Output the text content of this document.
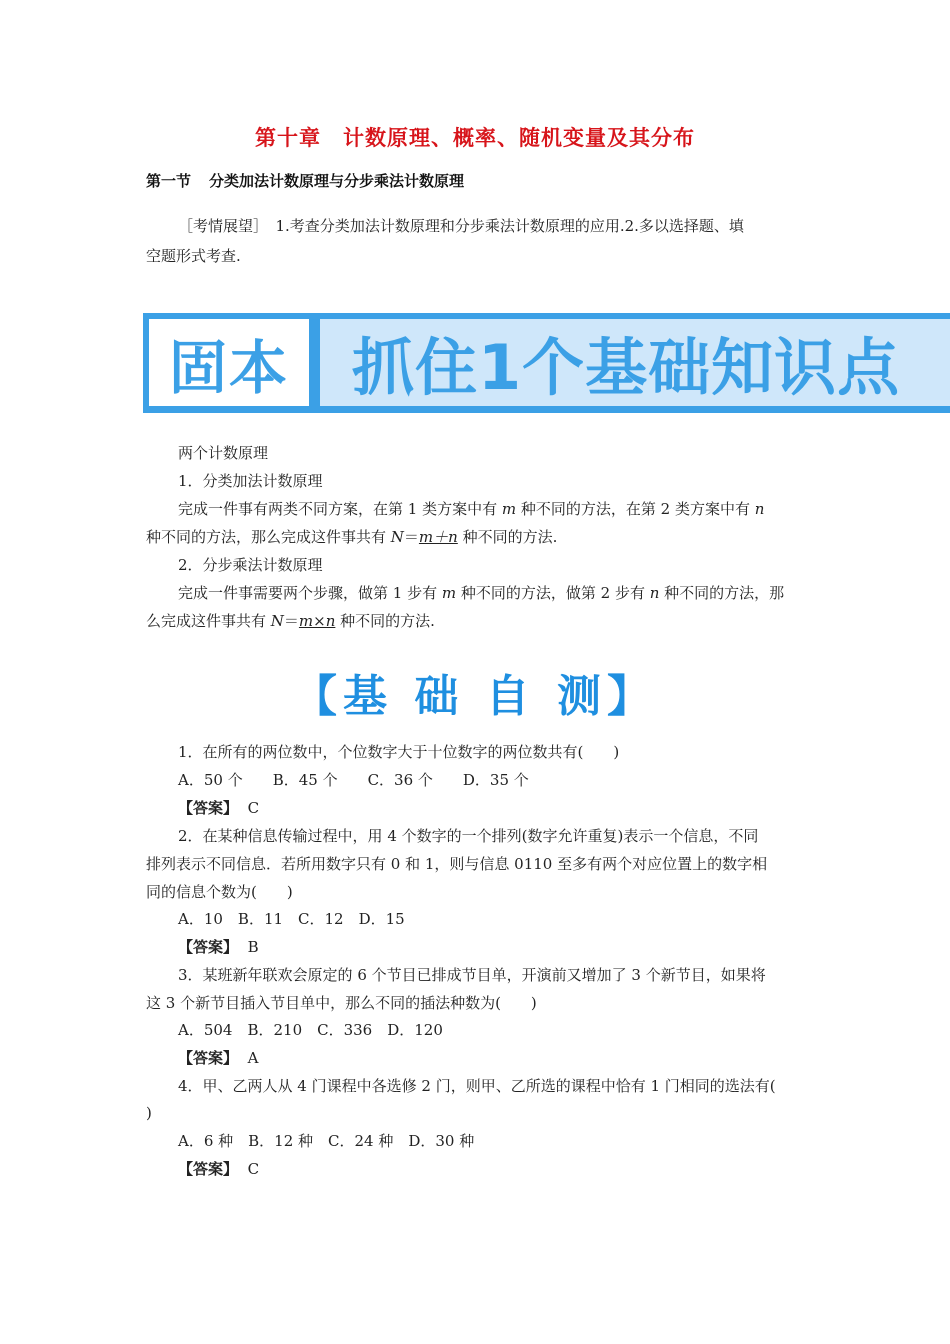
第十章　计数原理、概率、随机变量及其分布
第一节 分类加法计数原理与分步乘法计数原理
［考情展望］　1.考查分类加法计数原理和分步乘法计数原理的应用.2.多以选择题、填
空题形式考查.
固本 抓住1个基础知识点
两个计数原理
1．分类加法计数原理
完成一件事有两类不同方案，在第 1 类方案中有 m 种不同的方法，在第 2 类方案中有 n
种不同的方法，那么完成这件事共有 N＝m＋n 种不同的方法.
2．分步乘法计数原理
完成一件事需要两个步骤，做第 1 步有 m 种不同的方法，做第 2 步有 n 种不同的方法，那
么完成这件事共有 N＝m×n 种不同的方法.
【基 础 自 测】
1．在所有的两位数中，个位数字大于十位数字的两位数共有(　　)
A．50 个　　B．45 个　　C．36 个　　D．35 个
【答案】 C
2．在某种信息传输过程中，用 4 个数字的一个排列(数字允许重复)表示一个信息，不同
排列表示不同信息．若所用数字只有 0 和 1，则与信息 0110 至多有两个对应位置上的数字相
同的信息个数为(　　)
A．10　B．11　C．12　D．15
【答案】 B
3．某班新年联欢会原定的 6 个节目已排成节目单，开演前又增加了 3 个新节目，如果将
这 3 个新节目插入节目单中，那么不同的插法种数为(　　)
A．504　B．210　C．336　D．120
【答案】 A
4．甲、乙两人从 4 门课程中各选修 2 门，则甲、乙所选的课程中恰有 1 门相同的选法有(
)
A．6 种　B．12 种　C．24 种　D．30 种
【答案】 C
